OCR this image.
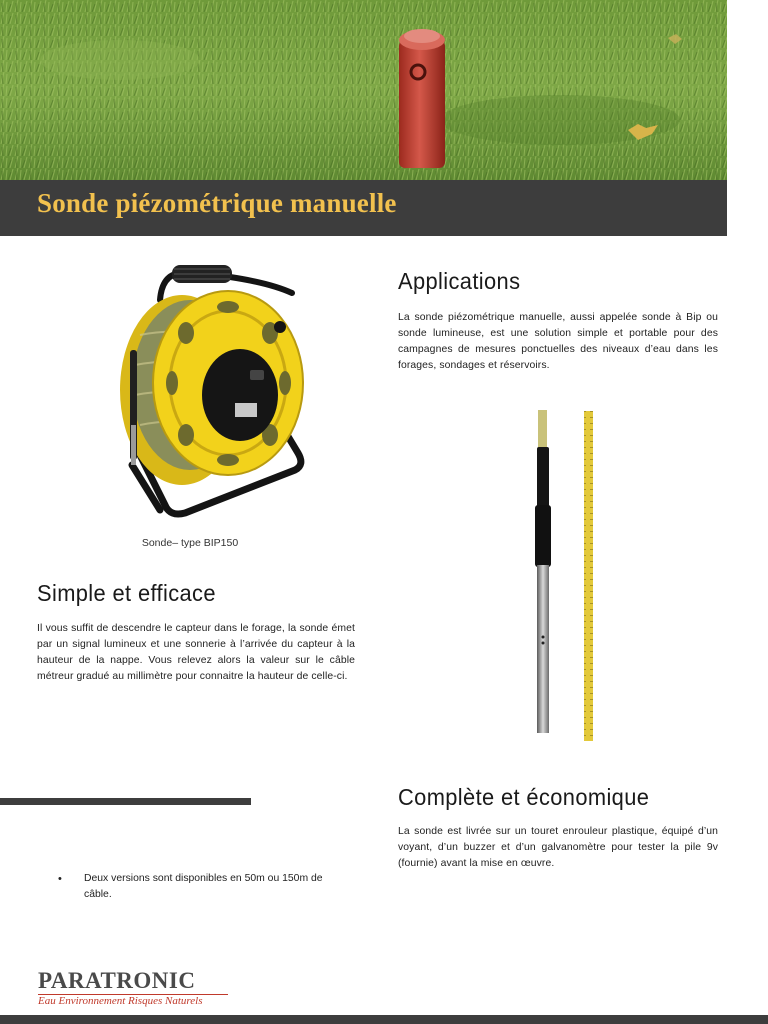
Sonde piézométrique manuelle
Sonde– type BIP150
Applications

La sonde piézométrique manuelle, aussi appelée sonde à Bip ou sonde lumineuse, est une solution simple et portable pour des campagnes de mesures ponctuelles des niveaux d’eau dans les forages, sondages et réservoirs.

Simple et efficace

Il vous suffit de descendre le capteur dans le forage, la sonde émet par un signal lumineux et une sonnerie à l’arrivée du capteur à la hauteur de la nappe. Vous relevez alors la valeur sur le câble métreur gradué au millimètre pour connaitre la hauteur de celle-ci.

Complète et économique

La sonde est livrée sur un touret enrouleur plastique, équipé d’un voyant, d’un buzzer et d’un galvanomètre pour tester la pile 9v (fournie) avant la mise en œuvre.

• Deux versions sont disponibles en 50m ou 150m de câble.
PARATRONIC
Eau Environnement Risques Naturels
